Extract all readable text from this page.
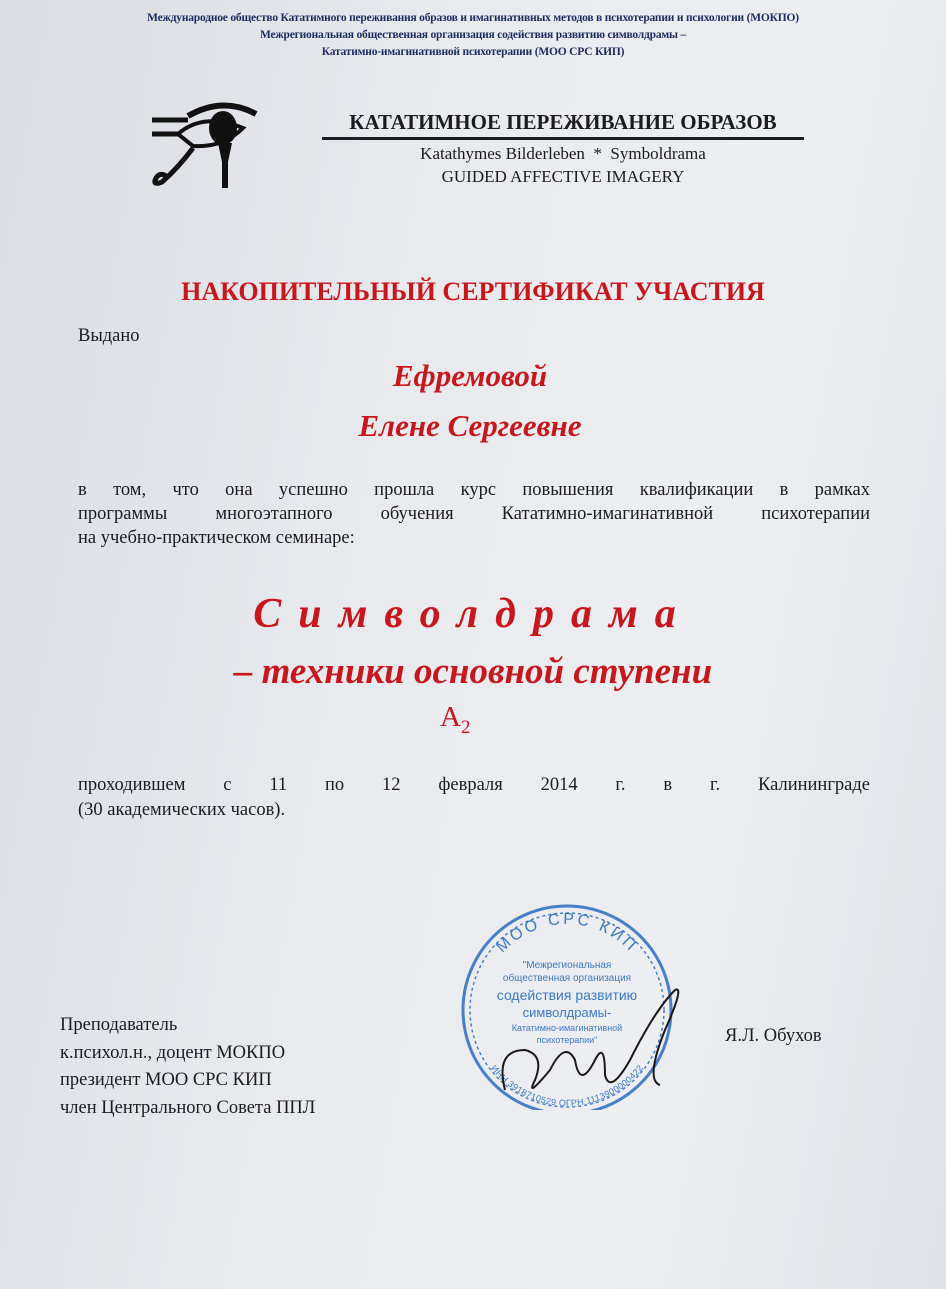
Международное общество Кататимного переживания образов и имагинативных методов в психотерапии и психологии (МОКПО)
Межрегиональная общественная организация содействия развитию символдрамы –
Кататимно-имагинативной психотерапии (МОО СРС КИП)
КАТАТИМНОЕ ПЕРЕЖИВАНИЕ ОБРАЗОВ
Katathymes Bilderleben  *  Symboldrama
GUIDED AFFECTIVE IMAGERY
НАКОПИТЕЛЬНЫЙ СЕРТИФИКАТ УЧАСТИЯ
Выдано
Ефремовой
Елене Сергеевне
в том, что она успешно прошла курс повышения квалификации в рамках
программы многоэтапного обучения Кататимно-имагинативной психотерапии
на учебно-практическом семинаре:
Символдрама
– техники основной ступени
$A_2$
проходившем с 11 по 12 февраля 2014 г. в г. Калининграде
(30 академических часов).
Преподаватель
к.психол.н., доцент МОКПО
президент МОО СРС КИП
член Центрального Совета ППЛ
Я.Л. Обухов
МОО СРС КИП
ИНН 3918710529 ОГРН 1113900000422
"Межрегиональная
общественная организация
содействия развитию
символдрамы-
Кататимно-имагинативной
психотерапии"
